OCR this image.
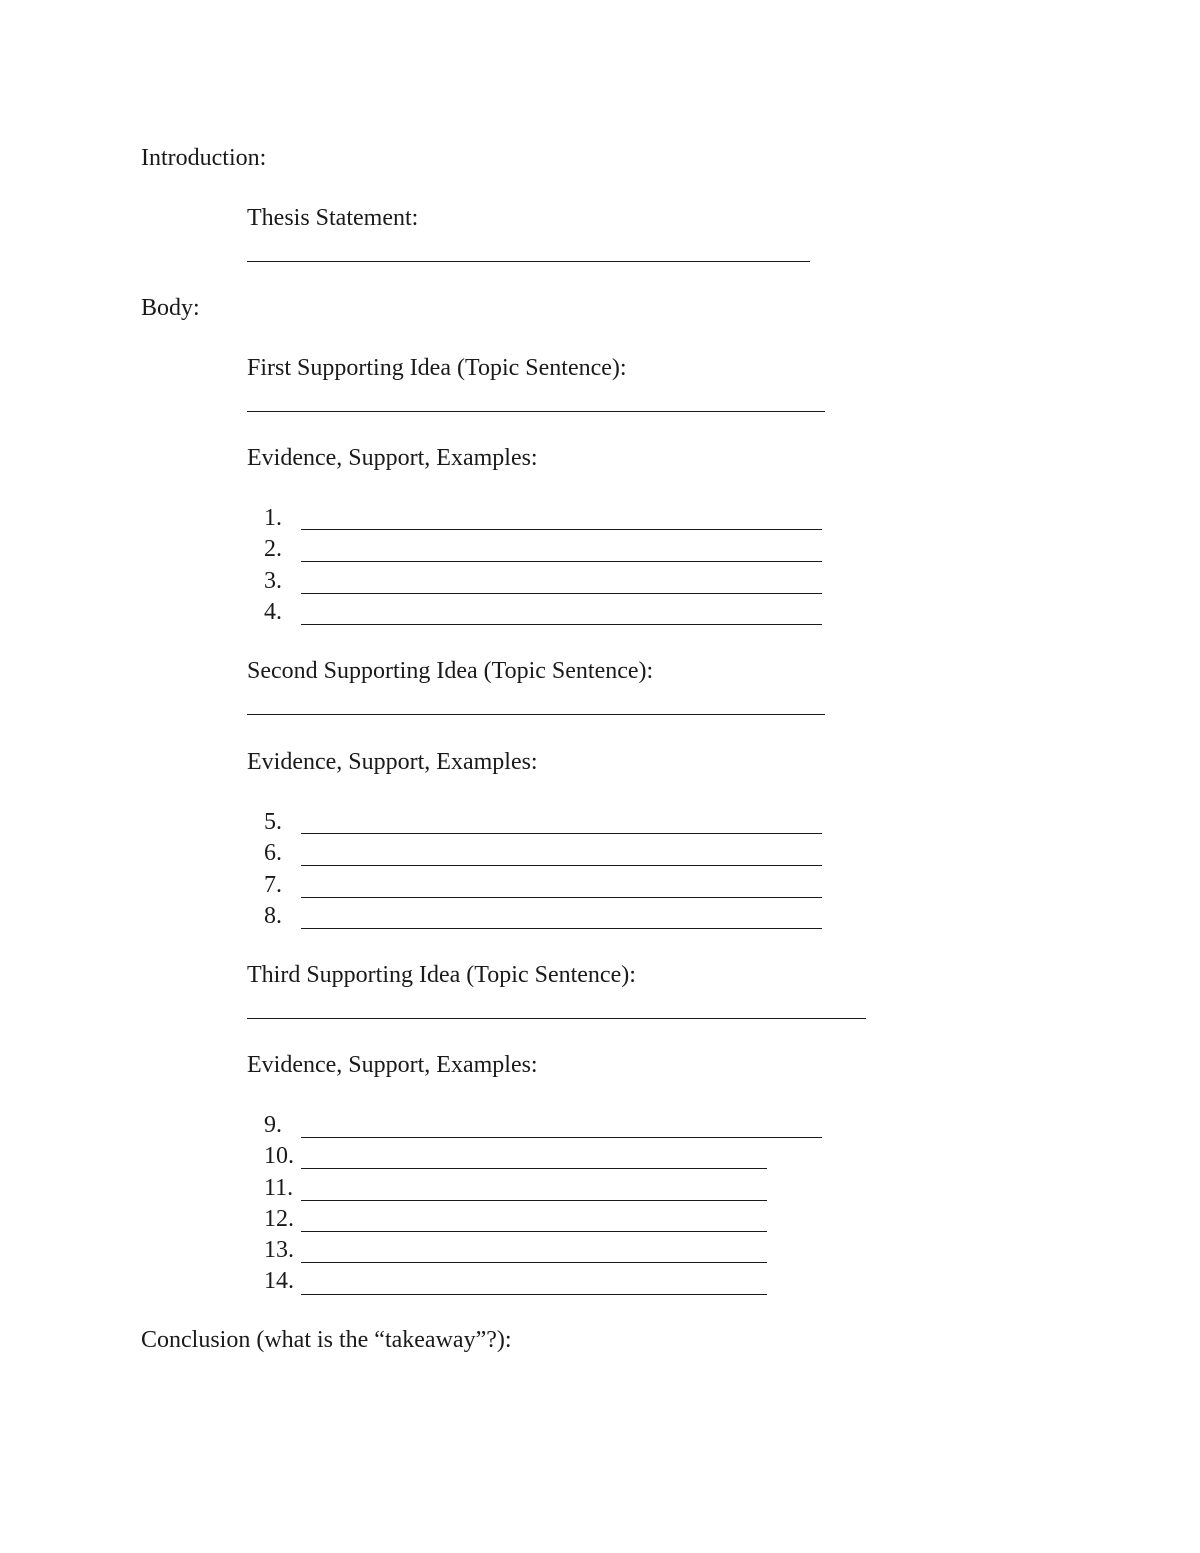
Introduction:
Thesis Statement:
Body:
First Supporting Idea (Topic Sentence):
Evidence, Support, Examples:
1.
2.
3.
4.
Second Supporting Idea (Topic Sentence):
Evidence, Support, Examples:
5.
6.
7.
8.
Third Supporting Idea (Topic Sentence):
Evidence, Support, Examples:
9.
10.
11.
12.
13.
14.
Conclusion (what is the “takeaway”?):
